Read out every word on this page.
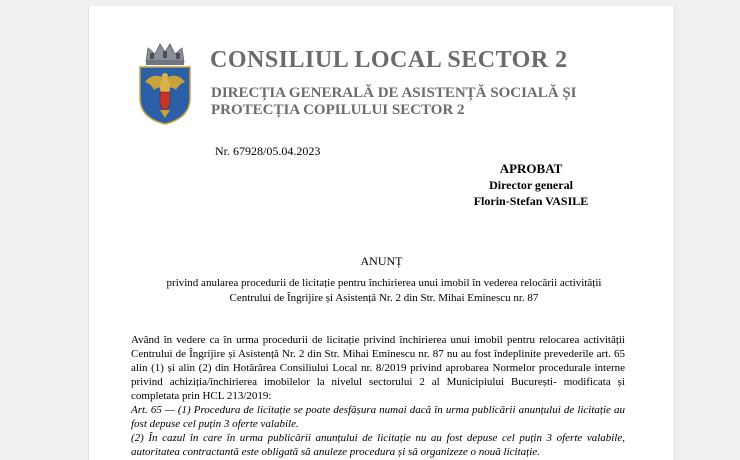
CONSILIUL LOCAL SECTOR 2
DIRECȚIA GENERALĂ DE ASISTENȚĂ SOCIALĂ ȘI
PROTECȚIA COPILULUI SECTOR 2
Nr. 67928/05.04.2023
APROBAT
Director general
Florin-Stefan VASILE
ANUNȚ
privind anularea procedurii de licitație pentru închirierea unui imobil în vederea relocării activității Centrului de Îngrijire și Asistență Nr. 2 din Str. Mihai Eminescu nr. 87

Având în vedere ca în urma procedurii de licitație privind închirierea unui imobil pentru relocarea activității Centrului de Îngrijire și Asistență Nr. 2 din Str. Mihai Eminescu nr. 87 nu au fost îndeplinite prevederile art. 65 alin (1) și alin (2) din Hotărârea Consiliului Local nr. 8/2019 privind aprobarea Normelor procedurale interne privind achiziția/închirierea imobilelor la nivelul sectorului 2 al Municipiului București- modificata și completata prin HCL 213/2019:

Art. 65 — (1) Procedura de licitație se poate desfășura numai dacă în urma publicării anunțului de licitație au fost depuse cel puțin 3 oferte valabile.

(2) În cazul în care în urma publicării anunțului de licitație nu au fost depuse cel puțin 3 oferte valabile, autoritatea contractantă este obligată să anuleze procedura și să organizeze o nouă licitație.
